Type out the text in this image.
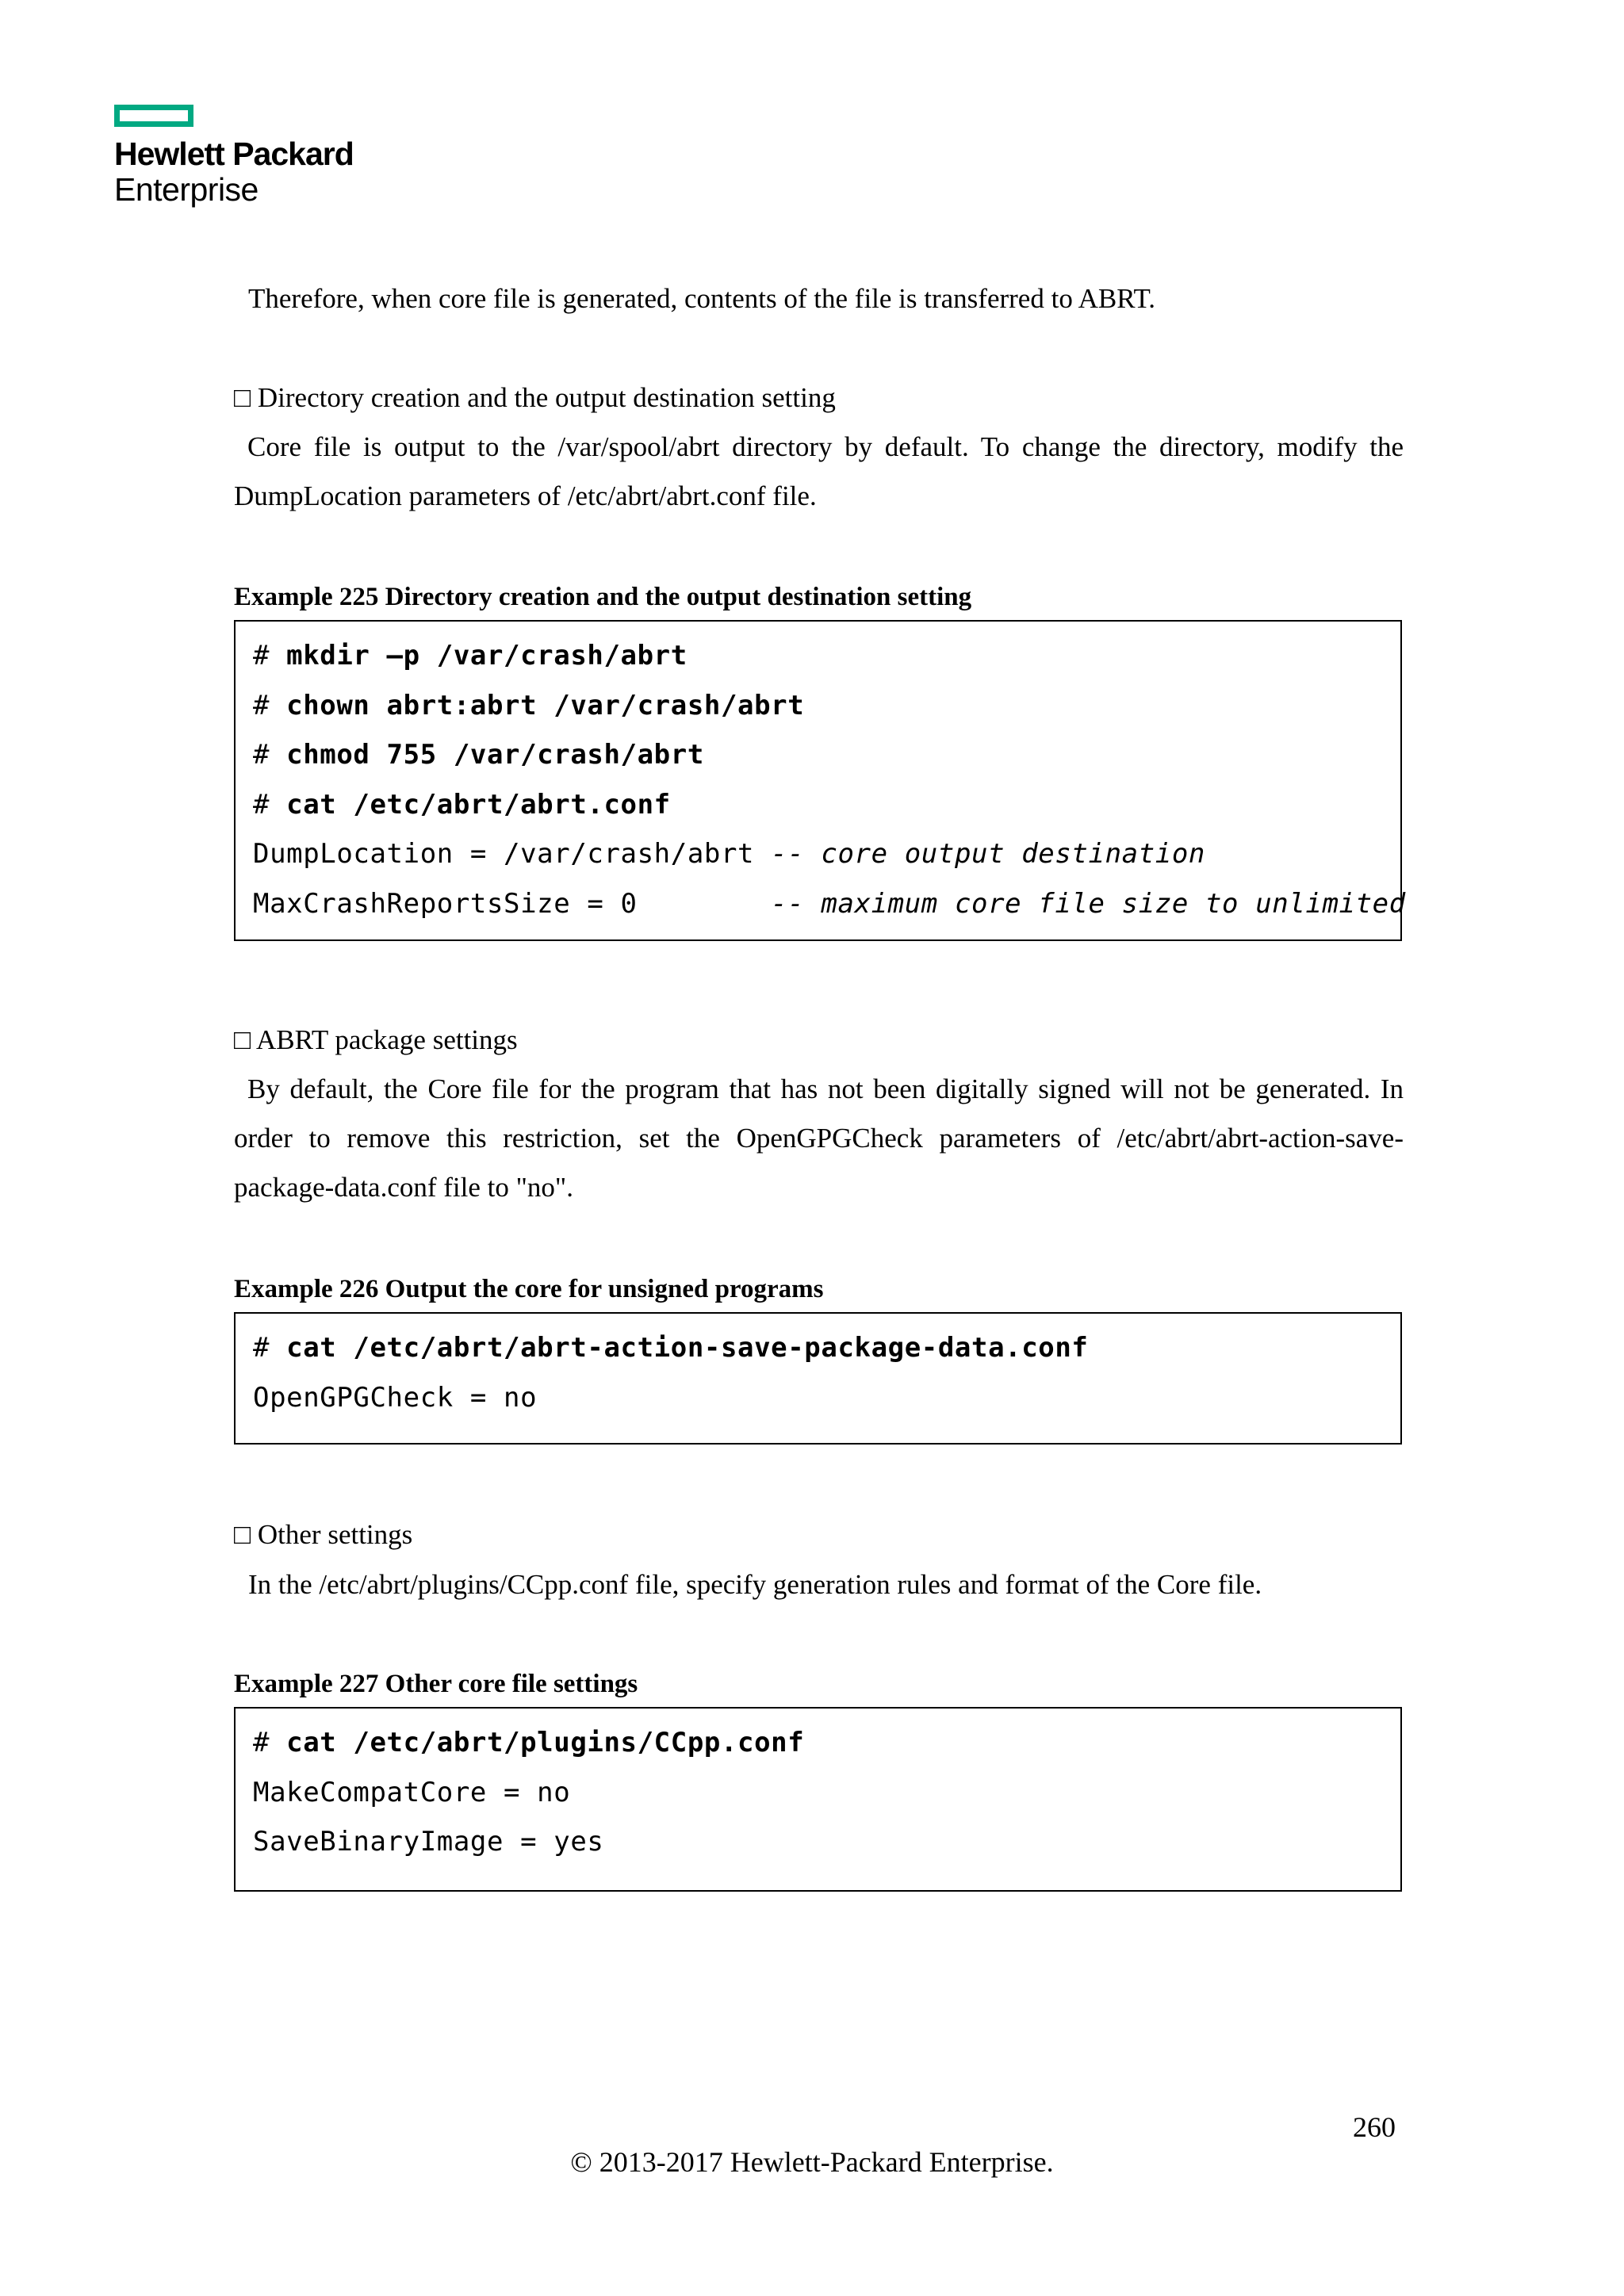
Hewlett Packard
Enterprise
Therefore, when core file is generated, contents of the file is transferred to ABRT.
□ Directory creation and the output destination setting
Core file is output to the /var/spool/abrt directory by default. To change the directory, modify the
DumpLocation parameters of /etc/abrt/abrt.conf file.
Example 225 Directory creation and the output destination setting
# mkdir –p /var/crash/abrt
# chown abrt:abrt /var/crash/abrt
# chmod 755 /var/crash/abrt
# cat /etc/abrt/abrt.conf
DumpLocation = /var/crash/abrt -- core output destination
MaxCrashReportsSize = 0        -- maximum core file size to unlimited
□ ABRT package settings
By default, the Core file for the program that has not been digitally signed will not be generated. In
order to remove this restriction, set the OpenGPGCheck parameters of /etc/abrt/abrt-action-save-
package-data.conf file to "no".
Example 226 Output the core for unsigned programs
# cat /etc/abrt/abrt-action-save-package-data.conf
OpenGPGCheck = no
□ Other settings
In the /etc/abrt/plugins/CCpp.conf file, specify generation rules and format of the Core file.
Example 227 Other core file settings
# cat /etc/abrt/plugins/CCpp.conf
MakeCompatCore = no
SaveBinaryImage = yes
260
© 2013-2017 Hewlett-Packard Enterprise.
